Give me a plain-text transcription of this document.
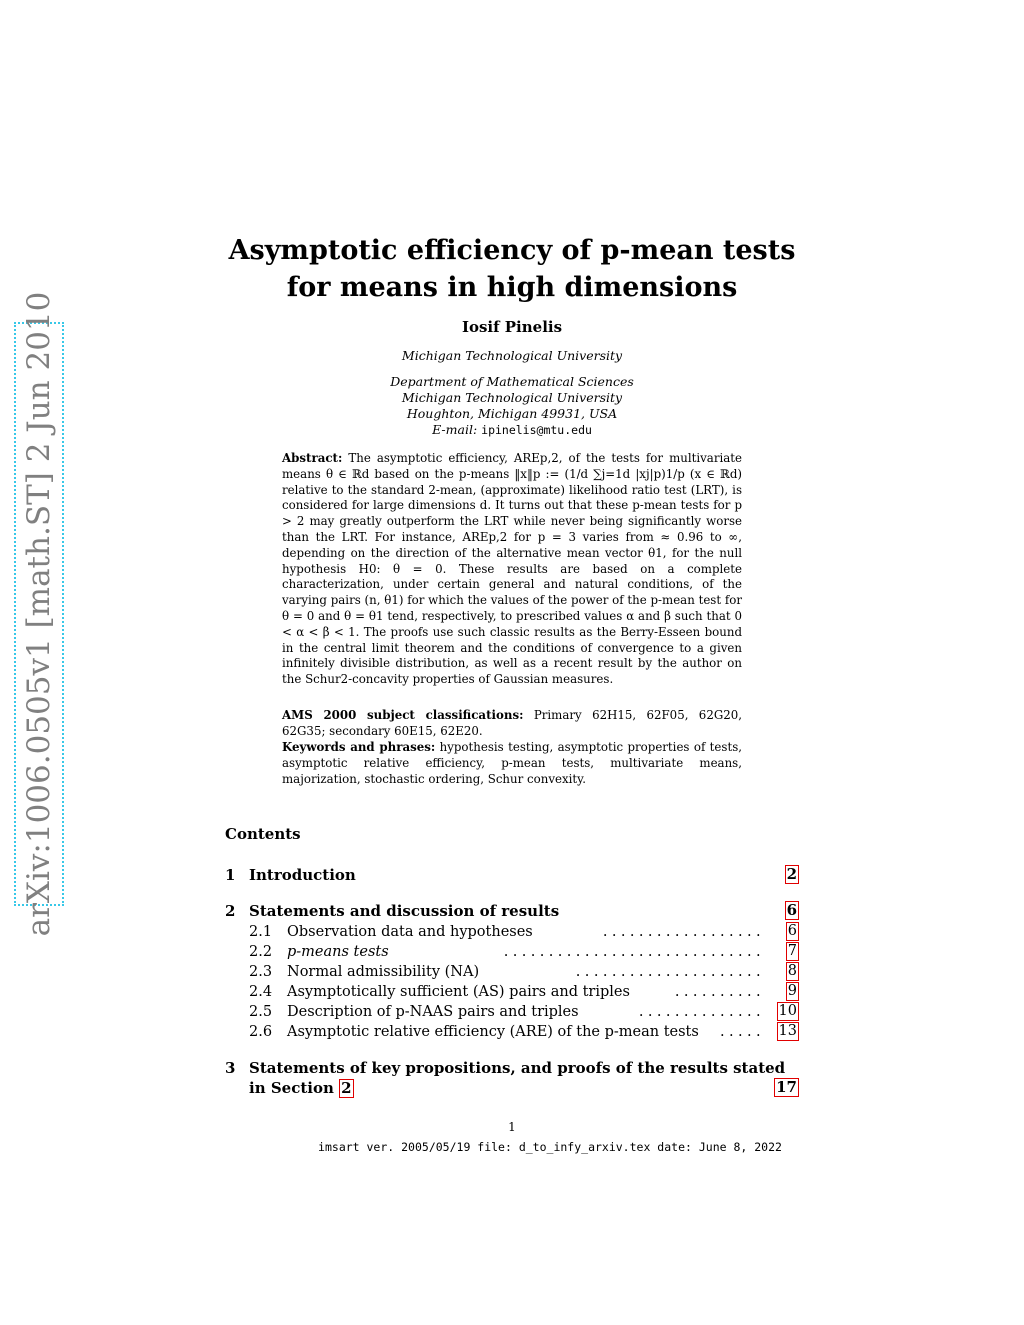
arXiv:1006.0505v1 [math.ST] 2 Jun 2010
Asymptotic efficiency of p-mean tests
for means in high dimensions
Iosif Pinelis
Michigan Technological University
Department of Mathematical Sciences
Michigan Technological University
Houghton, Michigan 49931, USA
E-mail: ipinelis@mtu.edu
Abstract: The asymptotic efficiency, AREp,2, of the tests for multivariate means θ ∈ ℝd based on the p-means ‖x‖p := (1/d ∑j=1d |xj|p)1/p (x ∈ ℝd) relative to the standard 2-mean, (approximate) likelihood ratio test (LRT), is considered for large dimensions d. It turns out that these p-mean tests for p > 2 may greatly outperform the LRT while never being significantly worse than the LRT. For instance, AREp,2 for p = 3 varies from ≈ 0.96 to ∞, depending on the direction of the alternative mean vector θ1, for the null hypothesis H0: θ = 0. These results are based on a complete characterization, under certain general and natural conditions, of the varying pairs (n, θ1) for which the values of the power of the p-mean test for θ = 0 and θ = θ1 tend, respectively, to prescribed values α and β such that 0 < α < β < 1. The proofs use such classic results as the Berry-Esseen bound in the central limit theorem and the conditions of convergence to a given infinitely divisible distribution, as well as a recent result by the author on the Schur2-concavity properties of Gaussian measures.
AMS 2000 subject classifications: Primary 62H15, 62F05, 62G20, 62G35; secondary 60E15, 62E20.
Keywords and phrases: hypothesis testing, asymptotic properties of tests, asymptotic relative efficiency, p-mean tests, multivariate means, majorization, stochastic ordering, Schur convexity.
Contents
1 Introduction	2
2 Statements and discussion of results	6
2.1 Observation data and hypotheses	.................. 6
2.2 p-means tests	............................. 7
2.3 Normal admissibility (NA)	..................... 8
2.4 Asymptotically sufficient (AS) pairs and triples	.......... 9
2.5 Description of p-NAAS pairs and triples	.............. 10
2.6 Asymptotic relative efficiency (ARE) of the p-mean tests	..... 13
3 Statements of key propositions, and proofs of the results stated
in Section 2	17
1
imsart ver. 2005/05/19 file: d_to_infy_arxiv.tex date: June 8, 2022
